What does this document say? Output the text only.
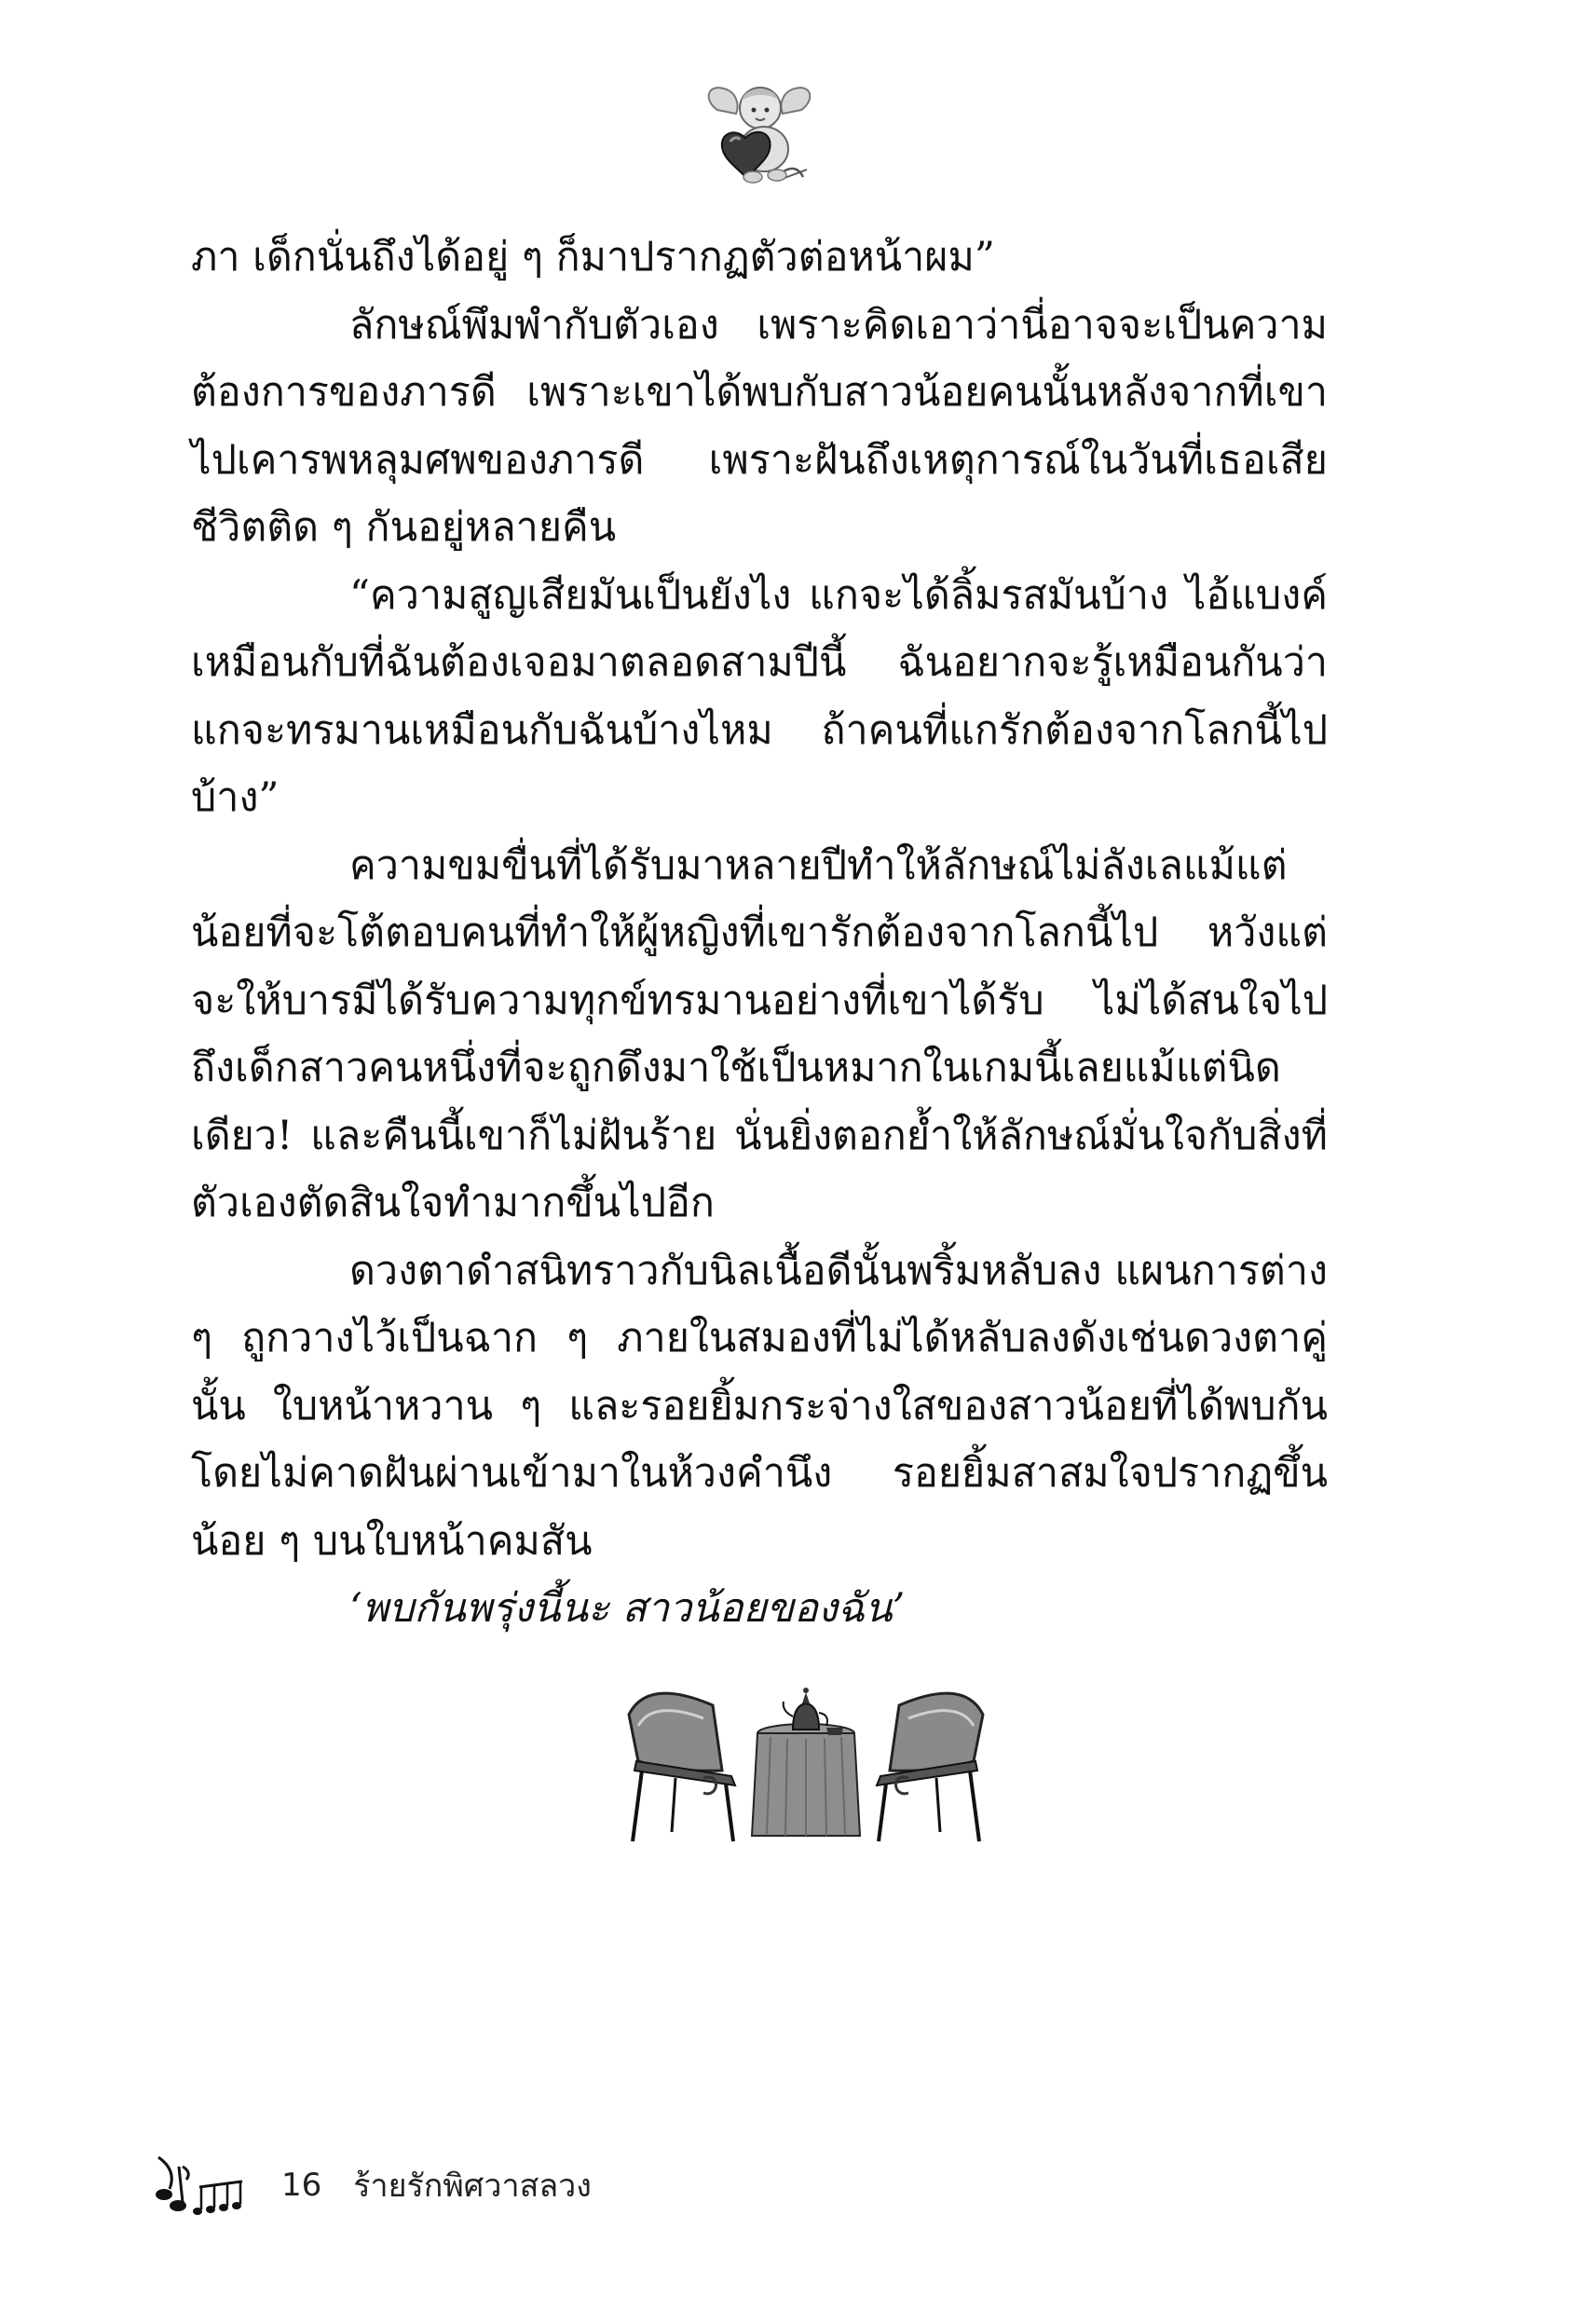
ภา เด็กนั่นถึงได้อยู่ ๆ ก็มาปรากฏตัวต่อหน้าผม”

ลักษณ์พึมพำกับตัวเอง เพราะคิดเอาว่านี่อาจจะเป็นความต้องการของภารดี เพราะเขาได้พบกับสาวน้อยคนนั้นหลังจากที่เขาไปเคารพหลุมศพของภารดี เพราะฝันถึงเหตุการณ์ในวันที่เธอเสียชีวิตติด ๆ กันอยู่หลายคืน

“ความสูญเสียมันเป็นยังไง แกจะได้ลิ้มรสมันบ้าง ไอ้แบงค์เหมือนกับที่ฉันต้องเจอมาตลอดสามปีนี้ ฉันอยากจะรู้เหมือนกันว่าแกจะทรมานเหมือนกับฉันบ้างไหม ถ้าคนที่แกรักต้องจากโลกนี้ไปบ้าง”

ความขมขื่นที่ได้รับมาหลายปีทำให้ลักษณ์ไม่ลังเลแม้แต่น้อยที่จะโต้ตอบคนที่ทำให้ผู้หญิงที่เขารักต้องจากโลกนี้ไป หวังแต่จะให้บารมีได้รับความทุกข์ทรมานอย่างที่เขาได้รับ ไม่ได้สนใจไปถึงเด็กสาวคนหนึ่งที่จะถูกดึงมาใช้เป็นหมากในเกมนี้เลยแม้แต่นิดเดียว! และคืนนี้เขาก็ไม่ฝันร้าย นั่นยิ่งตอกย้ำให้ลักษณ์มั่นใจกับสิ่งที่ตัวเองตัดสินใจทำมากขึ้นไปอีก

ดวงตาดำสนิทราวกับนิลเนื้อดีนั้นพริ้มหลับลง แผนการต่าง ๆ ถูกวางไว้เป็นฉาก ๆ ภายในสมองที่ไม่ได้หลับลงดังเช่นดวงตาคู่นั้น ใบหน้าหวาน ๆ และรอยยิ้มกระจ่างใสของสาวน้อยที่ได้พบกันโดยไม่คาดฝันผ่านเข้ามาในห้วงคำนึง รอยยิ้มสาสมใจปรากฏขึ้นน้อย ๆ บนใบหน้าคมสัน

‘พบกันพรุ่งนี้นะ สาวน้อยของฉัน’

16 ร้ายรักพิศวาสลวง
